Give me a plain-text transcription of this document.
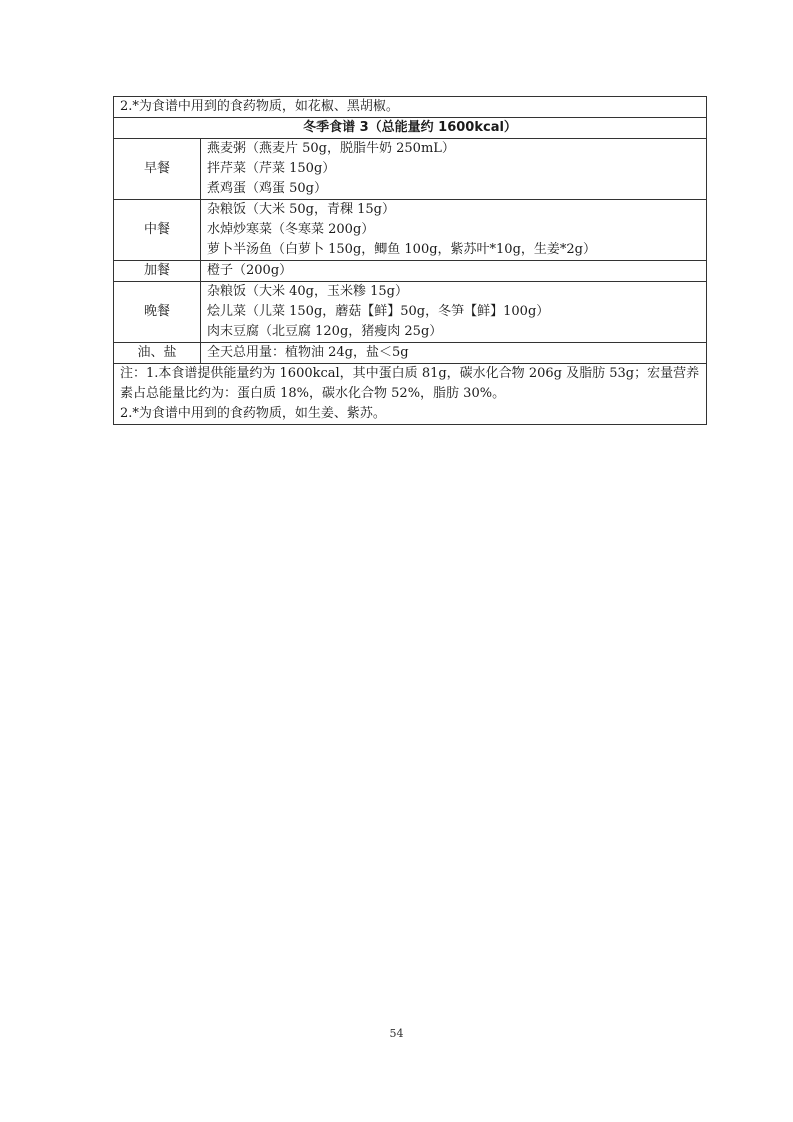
2.*为食谱中用到的食药物质，如花椒、黑胡椒。	
冬季食谱 3（总能量约 1600kcal）	
早餐	燕麦粥（燕麦片 50g，脱脂牛奶 250mL）
拌芹菜（芹菜 150g）
煮鸡蛋（鸡蛋 50g）

中餐	杂粮饭（大米 50g，青稞 15g）
水焯炒寒菜（冬寒菜 200g）
萝卜半汤鱼（白萝卜 150g，鲫鱼 100g，紫苏叶*10g，生姜*2g）

加餐	橙子（200g）

晚餐	杂粮饭（大米 40g，玉米糁 15g）
烩儿菜（儿菜 150g，蘑菇【鲜】50g，冬笋【鲜】100g）
肉末豆腐（北豆腐 120g，猪瘦肉 25g）

油、盐	全天总用量：植物油 24g，盐＜5g

注：1.本食谱提供能量约为 1600kcal，其中蛋白质 81g，碳水化合物 206g 及脂肪 53g；宏量营养素占总能量比约为：蛋白质 18%，碳水化合物 52%，脂肪 30%。
2.*为食谱中用到的食药物质，如生姜、紫苏。	
54
